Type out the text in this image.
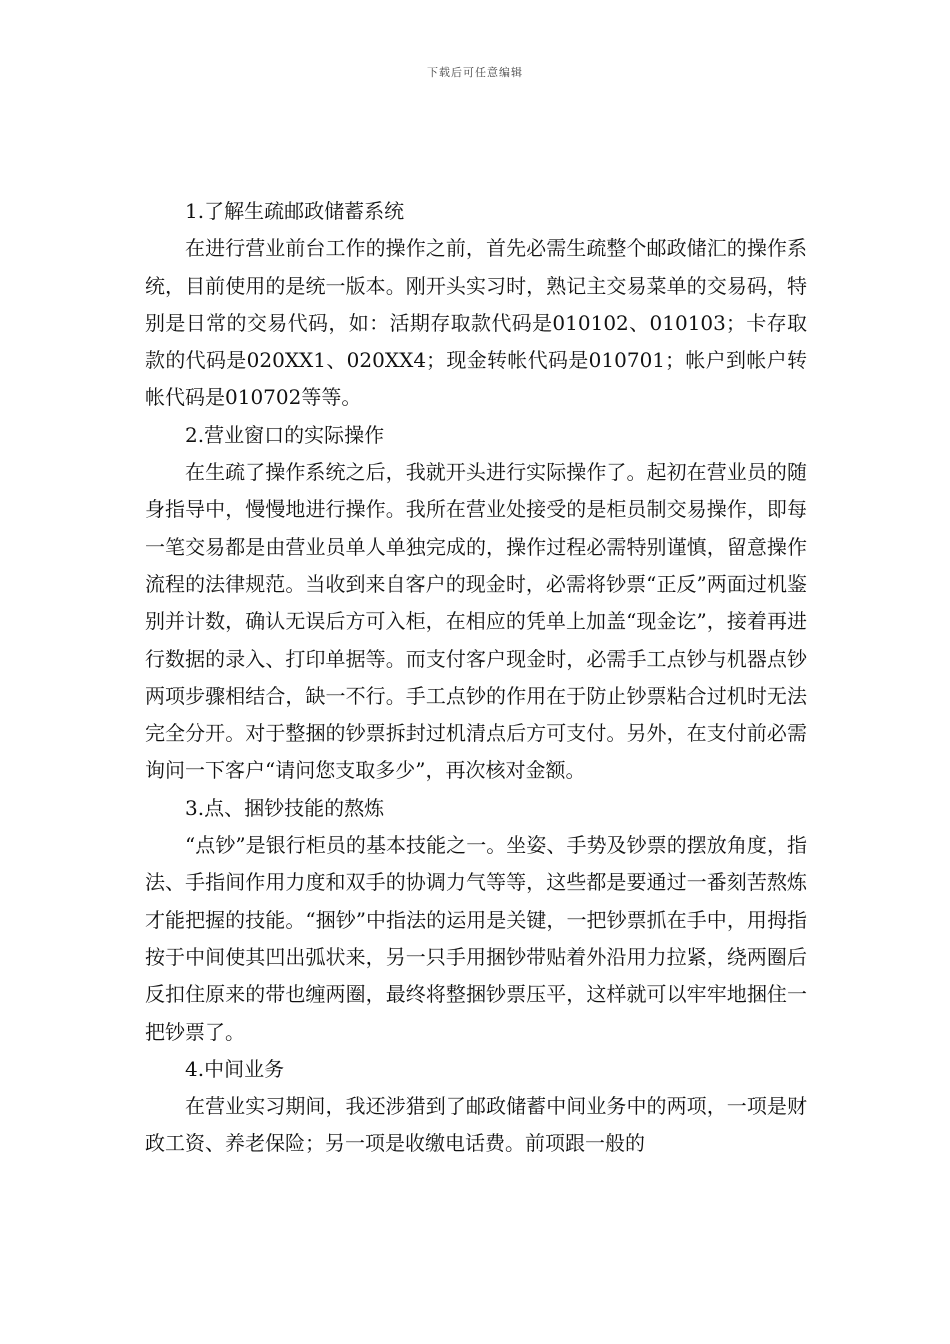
下载后可任意编辑

1.了解生疏邮政储蓄系统

在进行营业前台工作的操作之前，首先必需生疏整个邮政储汇的操作系统，目前使用的是统一版本。刚开头实习时，熟记主交易菜单的交易码，特别是日常的交易代码，如：活期存取款代码是010102、010103；卡存取款的代码是020XX1、020XX4；现金转帐代码是010701；帐户到帐户转帐代码是010702等等。

2.营业窗口的实际操作

在生疏了操作系统之后，我就开头进行实际操作了。起初在营业员的随身指导中，慢慢地进行操作。我所在营业处接受的是柜员制交易操作，即每一笔交易都是由营业员单人单独完成的，操作过程必需特别谨慎，留意操作流程的法律规范。当收到来自客户的现金时，必需将钞票“正反”两面过机鉴别并计数，确认无误后方可入柜，在相应的凭单上加盖“现金讫”，接着再进行数据的录入、打印单据等。而支付客户现金时，必需手工点钞与机器点钞两项步骤相结合，缺一不行。手工点钞的作用在于防止钞票粘合过机时无法完全分开。对于整捆的钞票拆封过机清点后方可支付。另外，在支付前必需询问一下客户“请问您支取多少”，再次核对金额。

3.点、捆钞技能的熬炼

“点钞”是银行柜员的基本技能之一。坐姿、手势及钞票的摆放角度，指法、手指间作用力度和双手的协调力气等等，这些都是要通过一番刻苦熬炼才能把握的技能。“捆钞”中指法的运用是关键，一把钞票抓在手中，用拇指按于中间使其凹出弧状来，另一只手用捆钞带贴着外沿用力拉紧，绕两圈后反扣住原来的带也缠两圈，最终将整捆钞票压平，这样就可以牢牢地捆住一把钞票了。

4.中间业务

在营业实习期间，我还涉猎到了邮政储蓄中间业务中的两项，一项是财政工资、养老保险；另一项是收缴电话费。前项跟一般的
